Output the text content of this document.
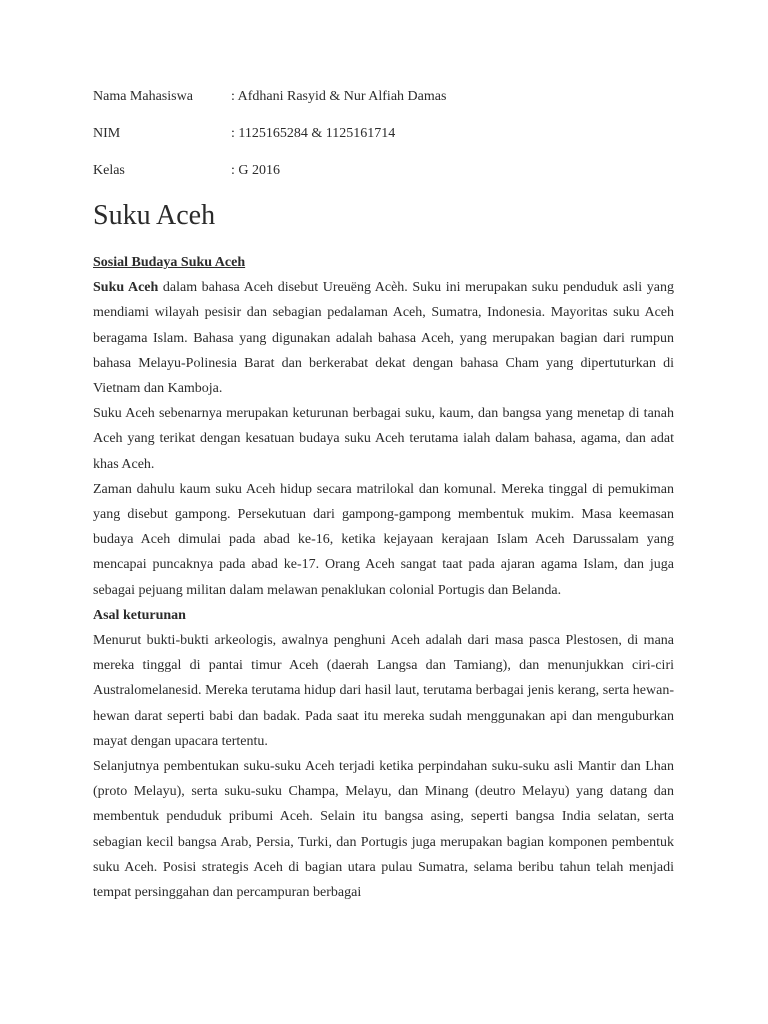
Nama Mahasiswa	: Afdhani Rasyid & Nur Alfiah Damas
NIM	: 1125165284 & 1125161714
Kelas	: G 2016
Suku Aceh

Sosial Budaya Suku Aceh

Suku Aceh dalam bahasa Aceh disebut Ureuëng Acèh. Suku ini merupakan suku penduduk asli yang mendiami wilayah pesisir dan sebagian pedalaman Aceh, Sumatra, Indonesia. Mayoritas suku Aceh beragama Islam. Bahasa yang digunakan adalah bahasa Aceh, yang merupakan bagian dari rumpun bahasa Melayu-Polinesia Barat dan berkerabat dekat dengan bahasa Cham yang dipertuturkan di Vietnam dan Kamboja.

Suku Aceh sebenarnya merupakan keturunan berbagai suku, kaum, dan bangsa yang menetap di tanah Aceh yang terikat dengan kesatuan budaya suku Aceh terutama ialah dalam bahasa, agama, dan adat khas Aceh.

Zaman dahulu kaum suku Aceh hidup secara matrilokal dan komunal. Mereka tinggal di pemukiman yang disebut gampong. Persekutuan dari gampong-gampong membentuk mukim. Masa keemasan budaya Aceh dimulai pada abad ke-16, ketika kejayaan kerajaan Islam Aceh Darussalam yang mencapai puncaknya pada abad ke-17. Orang Aceh sangat taat pada ajaran agama Islam, dan juga sebagai pejuang militan dalam melawan penaklukan colonial Portugis dan Belanda.

Asal keturunan

Menurut bukti-bukti arkeologis, awalnya penghuni Aceh adalah dari masa pasca Plestosen, di mana mereka tinggal di pantai timur Aceh (daerah Langsa dan Tamiang), dan menunjukkan ciri-ciri Australomelanesid. Mereka terutama hidup dari hasil laut, terutama berbagai jenis kerang, serta hewan-hewan darat seperti babi dan badak. Pada saat itu mereka sudah menggunakan api dan menguburkan mayat dengan upacara tertentu.

Selanjutnya pembentukan suku-suku Aceh terjadi ketika perpindahan suku-suku asli Mantir dan Lhan (proto Melayu), serta suku-suku Champa, Melayu, dan Minang (deutro Melayu) yang datang dan membentuk penduduk pribumi Aceh. Selain itu bangsa asing, seperti bangsa India selatan, serta sebagian kecil bangsa Arab, Persia, Turki, dan Portugis juga merupakan bagian komponen pembentuk suku Aceh. Posisi strategis Aceh di bagian utara pulau Sumatra, selama beribu tahun telah menjadi tempat persinggahan dan percampuran berbagai
